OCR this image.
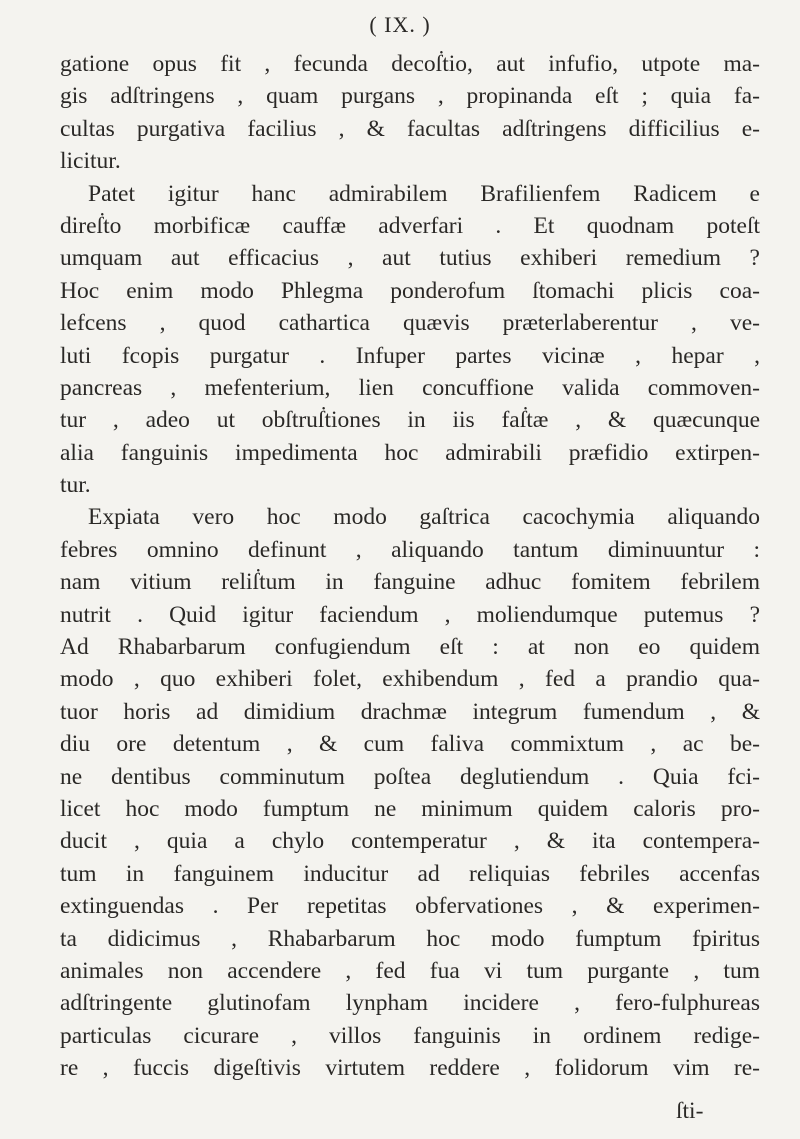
( IX. )
gatione opus fit , fecunda decoẛtio, aut infufio, utpote ma-
gis adſtringens , quam purgans , propinanda eſt ; quia fa-
cultas purgativa facilius , & facultas adſtringens difficilius e-
licitur.
Patet igitur hanc admirabilem Brafilienfem Radicem e
direẛto morbificæ cauffæ adverfari . Et quodnam poteſt
umquam aut efficacius , aut tutius exhiberi remedium ?
Hoc enim modo Phlegma ponderofum ſtomachi plicis coa-
lefcens , quod cathartica quævis præterlaberentur , ve-
luti fcopis purgatur . Infuper partes vicinæ , hepar ,
pancreas , mefenterium, lien concuffione valida commoven-
tur , adeo ut obſtruẛtiones in iis faẛtæ , & quæcunque
alia fanguinis impedimenta hoc admirabili præfidio extirpen-
tur.
Expiata vero hoc modo gaſtrica cacochymia aliquando
febres omnino definunt , aliquando tantum diminuuntur :
nam vitium reliẛtum in fanguine adhuc fomitem febrilem
nutrit . Quid igitur faciendum , moliendumque putemus ?
Ad Rhabarbarum confugiendum eſt : at non eo quidem
modo , quo exhiberi folet, exhibendum , fed a prandio qua-
tuor horis ad dimidium drachmæ integrum fumendum , &
diu ore detentum , & cum faliva commixtum , ac be-
ne dentibus comminutum poſtea deglutiendum . Quia fci-
licet hoc modo fumptum ne minimum quidem caloris pro-
ducit , quia a chylo contemperatur , & ita contempera-
tum in fanguinem inducitur ad reliquias febriles accenfas
extinguendas . Per repetitas obfervationes , & experimen-
ta didicimus , Rhabarbarum hoc modo fumptum fpiritus
animales non accendere , fed fua vi tum purgante , tum
adſtringente glutinofam lynpham incidere , fero-fulphureas
particulas cicurare , villos fanguinis in ordinem redige-
re , fuccis digeſtivis virtutem reddere , folidorum vim re-
ſti-
